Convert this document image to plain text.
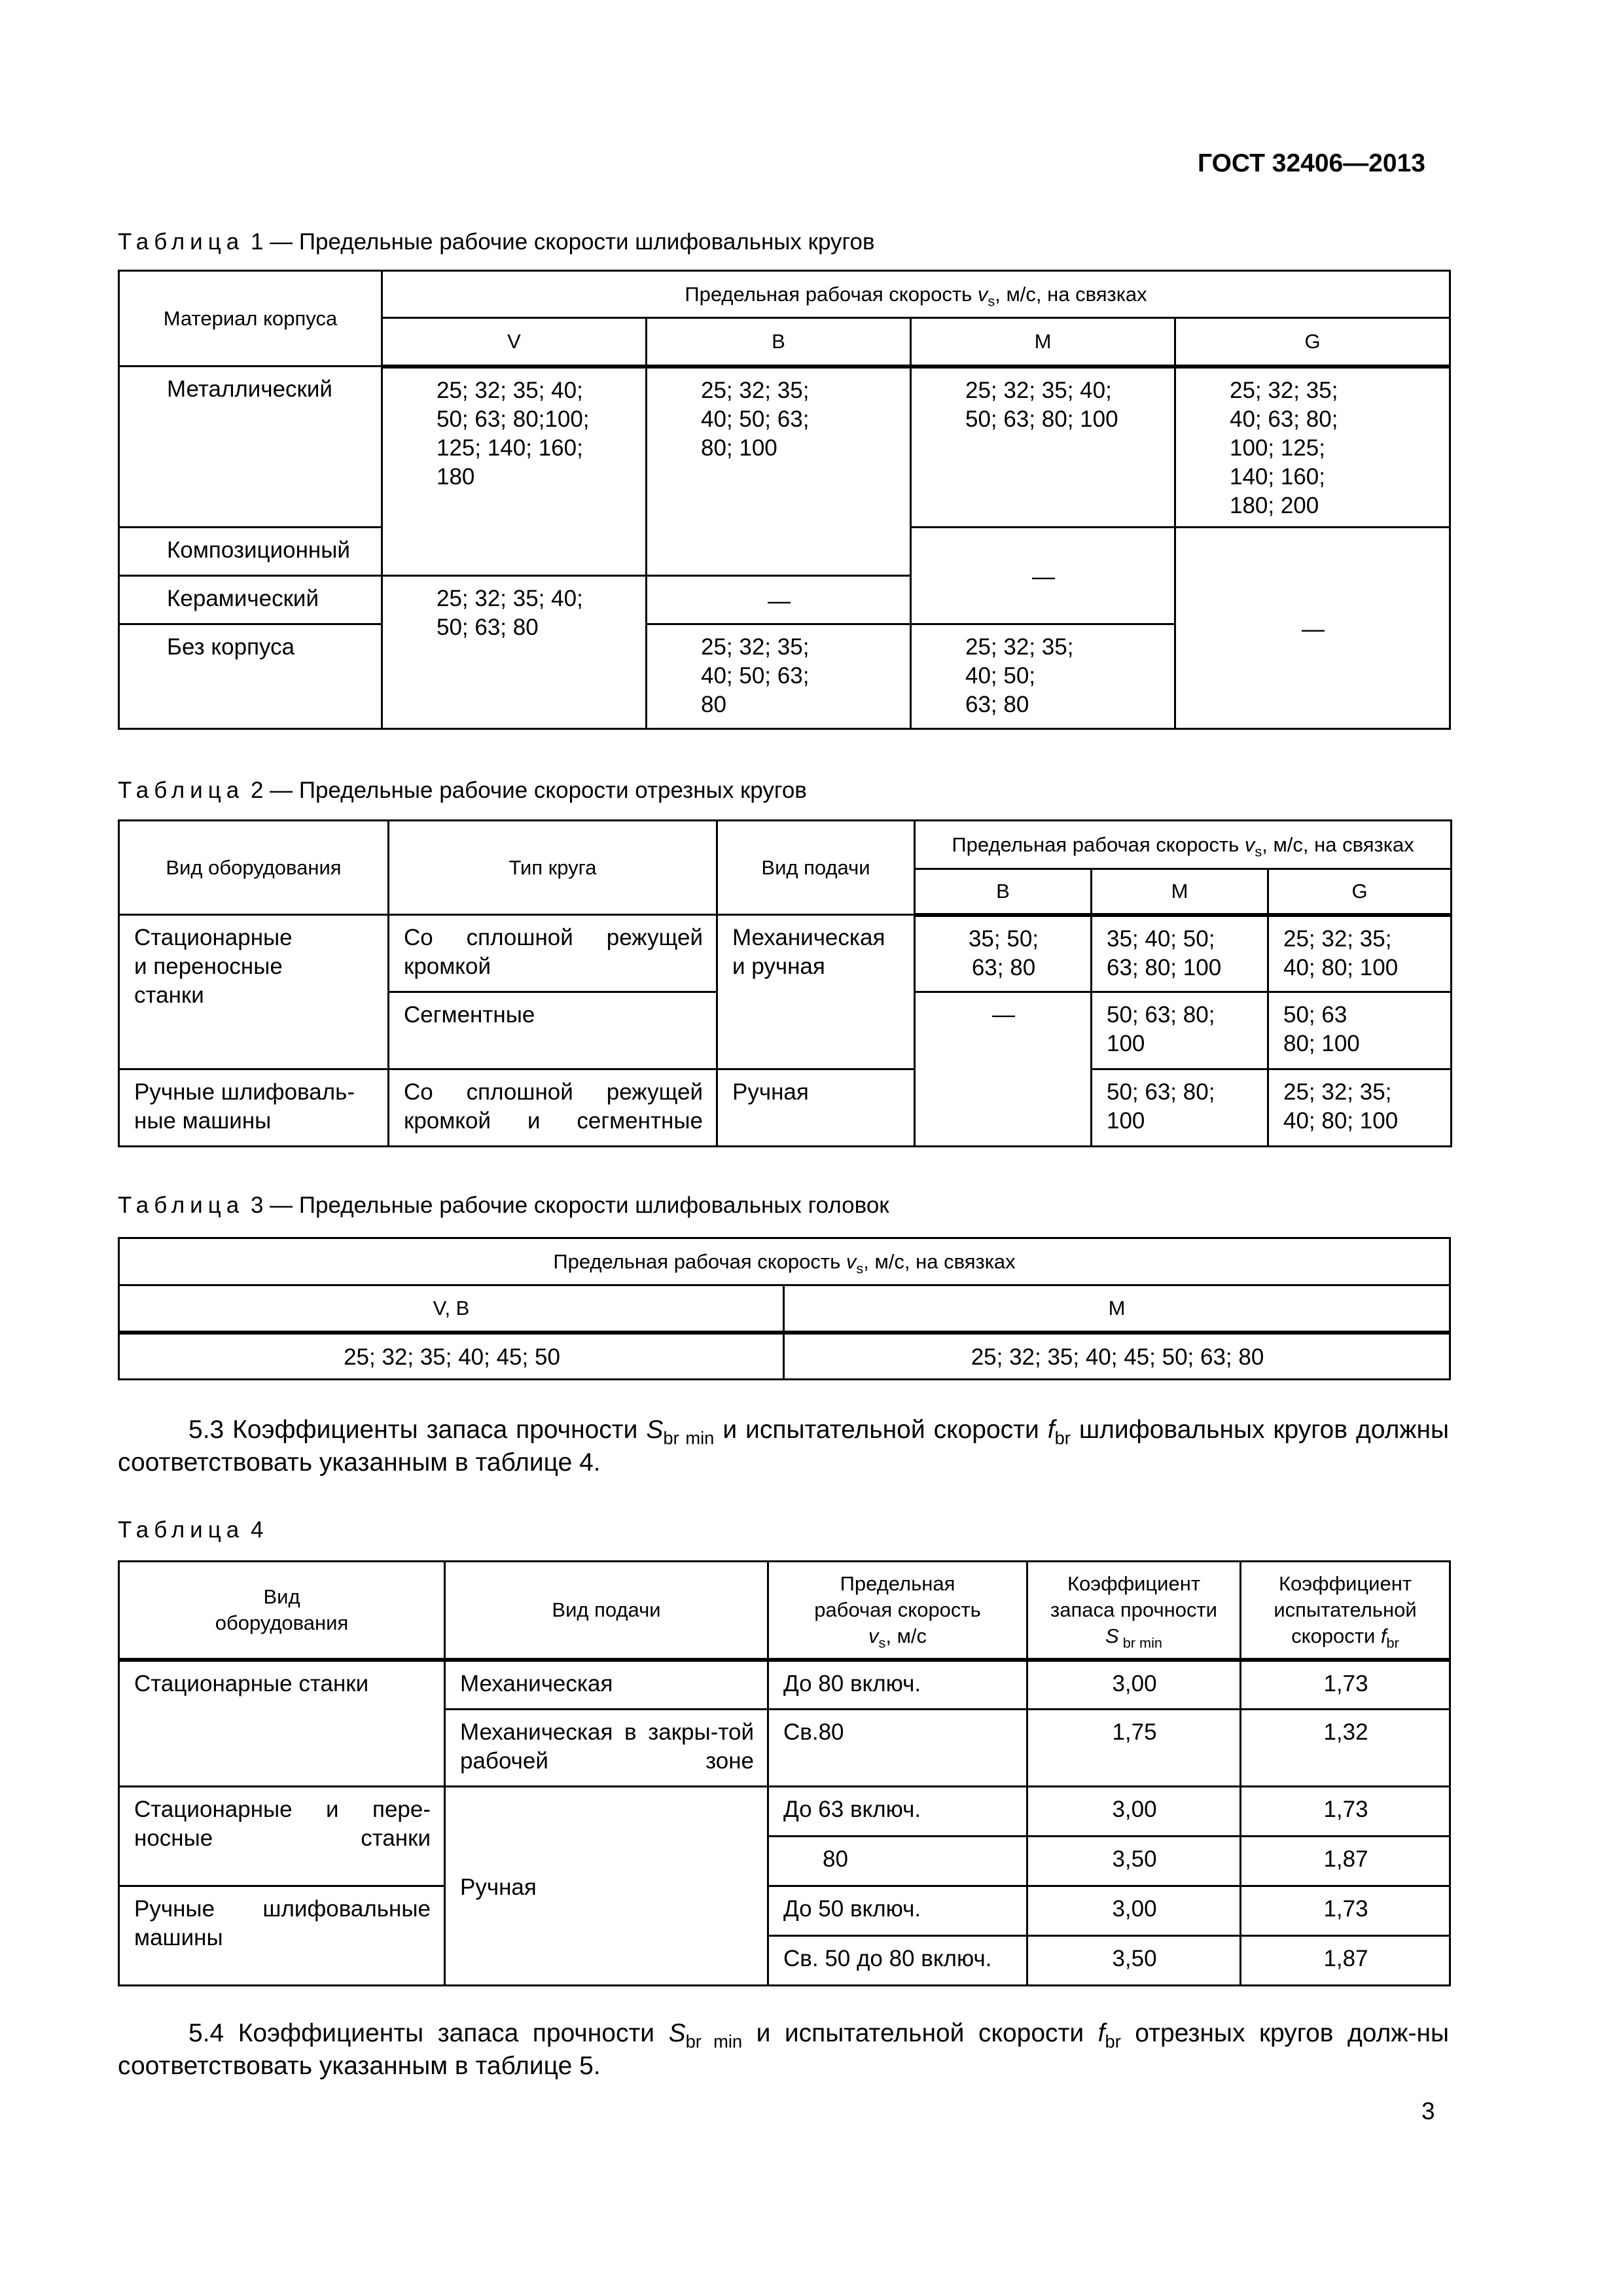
ГОСТ 32406—2013
Таблица 1 — Предельные рабочие скорости шлифовальных кругов
Материал корпуса	Предельная рабочая скорость $v_s$, м/с, на связках			
	V	B	M	G
Металлический	25; 32; 35; 40;
50; 63; 80;100;
125; 140; 160;
180	25; 32; 35;
40; 50; 63;
80; 100	25; 32; 35; 40;
50; 63; 80; 100	25; 32; 35;
40; 63; 80;
100; 125;
140; 160;
180; 200
Композиционный			—	—
Керамический	25; 32; 35; 40;
50; 63; 80	—		
Без корпуса		25; 32; 35;
40; 50; 63;
80	25; 32; 35;
40; 50;
63; 80	
Таблица 2 — Предельные рабочие скорости отрезных кругов
Вид оборудования	Тип круга	Вид подачи	Предельная рабочая скорость $v_s$, м/с, на связках		
			B	M	G
Стационарные
и переносные
станки	Со сплошной режущей кромкой	Механическая
и ручная	35; 50;
63; 80	35; 40; 50;
63; 80; 100	25; 32; 35;
40; 80; 100
	Сегментные		—	50; 63; 80;
100	50; 63
80; 100
Ручные шлифоваль-
ные машины	Со сплошной режущей кромкой и сегментные	Ручная		50; 63; 80;
100	25; 32; 35;
40; 80; 100
Таблица 3 — Предельные рабочие скорости шлифовальных головок
Предельная рабочая скорость $v_s$, м/с, на связках	
V, B	M
25; 32; 35; 40; 45; 50	25; 32; 35; 40; 45; 50; 63; 80
5.3 Коэффициенты запаса прочности $S_{br min}$ и испытательной скорости $f_{br}$ шлифовальных кругов должны соответствовать указанным в таблице 4.
Таблица 4
Вид
оборудования	Вид подачи	Предельная
рабочая скорость
$v_s$, м/с	Коэффициент
запаса прочности
S $_{br min}$	Коэффициент
испытательной
скорости $f_{br}$
Стационарные станки	Механическая	До 80 включ.	3,00	1,73
	Механическая в закры-той рабочей зоне	Св.80	1,75	1,32
Стационарные и пере-носные станки	Ручная	До 63 включ.	3,00	1,73
		80	3,50	1,87
Ручные шлифовальные машины		До 50 включ.	3,00	1,73
		Св. 50 до 80 включ.	3,50	1,87
5.4 Коэффициенты запаса прочности $S_{br min}$ и испытательной скорости $f_{br}$ отрезных кругов долж-ны соответствовать указанным в таблице 5.
3
